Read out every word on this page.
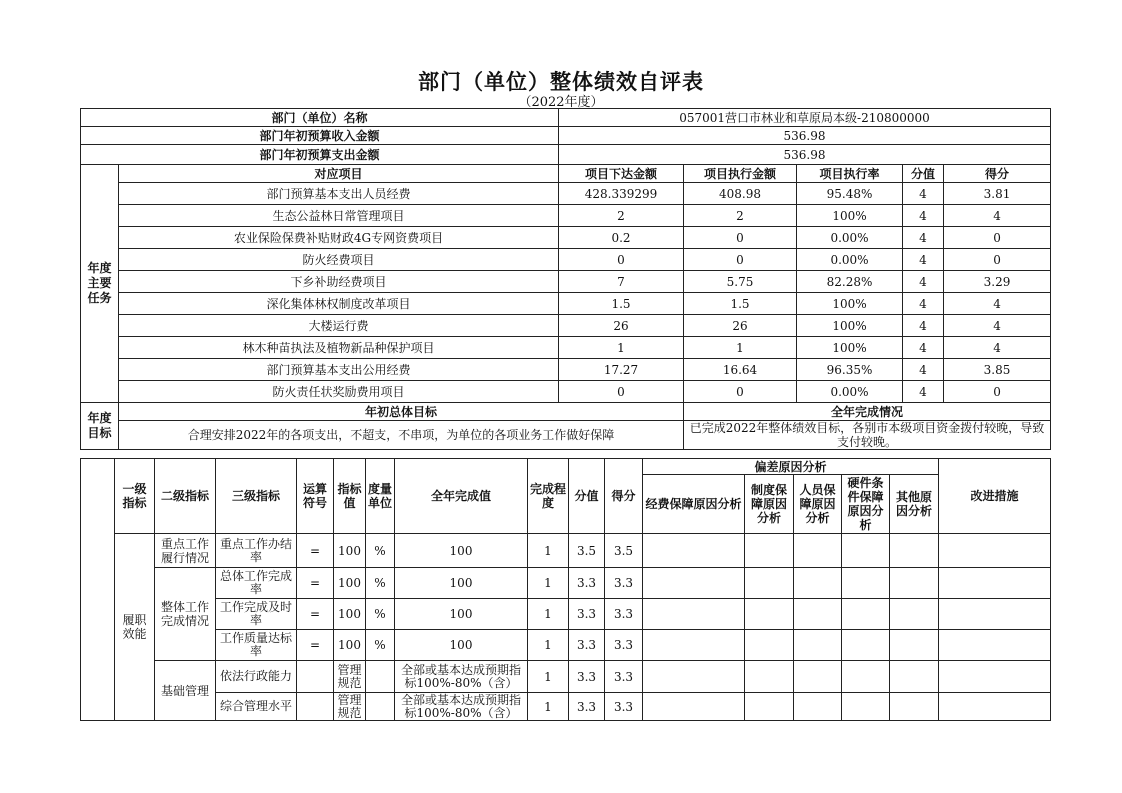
部门（单位）整体绩效自评表
（2022年度）
部门（单位）名称		057001营口市林业和草原局本级-210800000				
部门年初预算收入金额		536.98				
部门年初预算支出金额		536.98				
年度主要任务	对应项目	项目下达金额	项目执行金额	项目执行率	分值	得分
	部门预算基本支出人员经费	428.339299	408.98	95.48%	4	3.81
	生态公益林日常管理项目	2	2	100%	4	4
	农业保险保费补贴财政4G专网资费项目	0.2	0	0.00%	4	0
	防火经费项目	0	0	0.00%	4	0
	下乡补助经费项目	7	5.75	82.28%	4	3.29
	深化集体林权制度改革项目	1.5	1.5	100%	4	4
	大楼运行费	26	26	100%	4	4
	林木种苗执法及植物新品种保护项目	1	1	100%	4	4
	部门预算基本支出公用经费	17.27	16.64	96.35%	4	3.85
	防火责任状奖励费用项目	0	0	0.00%	4	0
年度目标	年初总体目标		全年完成情况			
	合理安排2022年的各项支出，不超支，不串项，为单位的各项业务工作做好保障		已完成2022年整体绩效目标，各别市本级项目资金拨付较晚，导致支付较晚。			
	一级指标	二级指标	三级指标	运算符号	指标值	度量单位	全年完成值	完成程度	分值	得分	偏差原因分析					改进措施
											经费保障原因分析	制度保障原因分析	人员保障原因分析	硬件条件保障原因分析	其他原因分析	
	履职效能	重点工作履行情况	重点工作办结率	=	100	%	100	1	3.5	3.5						
		整体工作完成情况	总体工作完成率	=	100	%	100	1	3.3	3.3						
			工作完成及时率	=	100	%	100	1	3.3	3.3						
			工作质量达标率	=	100	%	100	1	3.3	3.3						
		基础管理	依法行政能力		管理规范		全部或基本达成预期指标100%-80%（含）	1	3.3	3.3						
			综合管理水平		管理规范		全部或基本达成预期指标100%-80%（含）	1	3.3	3.3						
